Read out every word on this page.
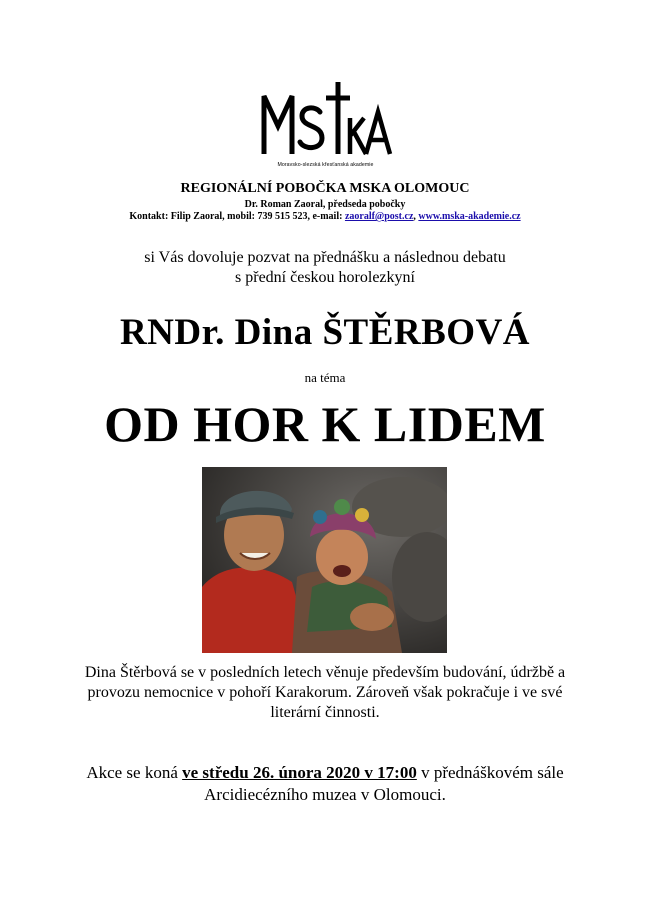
Moravsko-slezská křesťanská akademie
REGIONÁLNÍ POBOČKA MSKA OLOMOUC
Dr. Roman Zaoral, předseda pobočky
Kontakt: Filip Zaoral, mobil: 739 515 523, e-mail: zaoralf@post.cz, www.mska-akademie.cz
si Vás dovoluje pozvat na přednášku a následnou debatu
s přední českou horolezkyní
RNDr. Dina ŠTĚRBOVÁ
na téma
OD HOR K LIDEM
Dina Štěrbová se v posledních letech věnuje především budování, údržbě a provozu nemocnice v pohoří Karakorum. Zároveň však pokračuje i ve své literární činnosti.
Akce se koná ve středu 26. února 2020 v 17:00 v přednáškovém sále Arcidiecézního muzea v Olomouci.
